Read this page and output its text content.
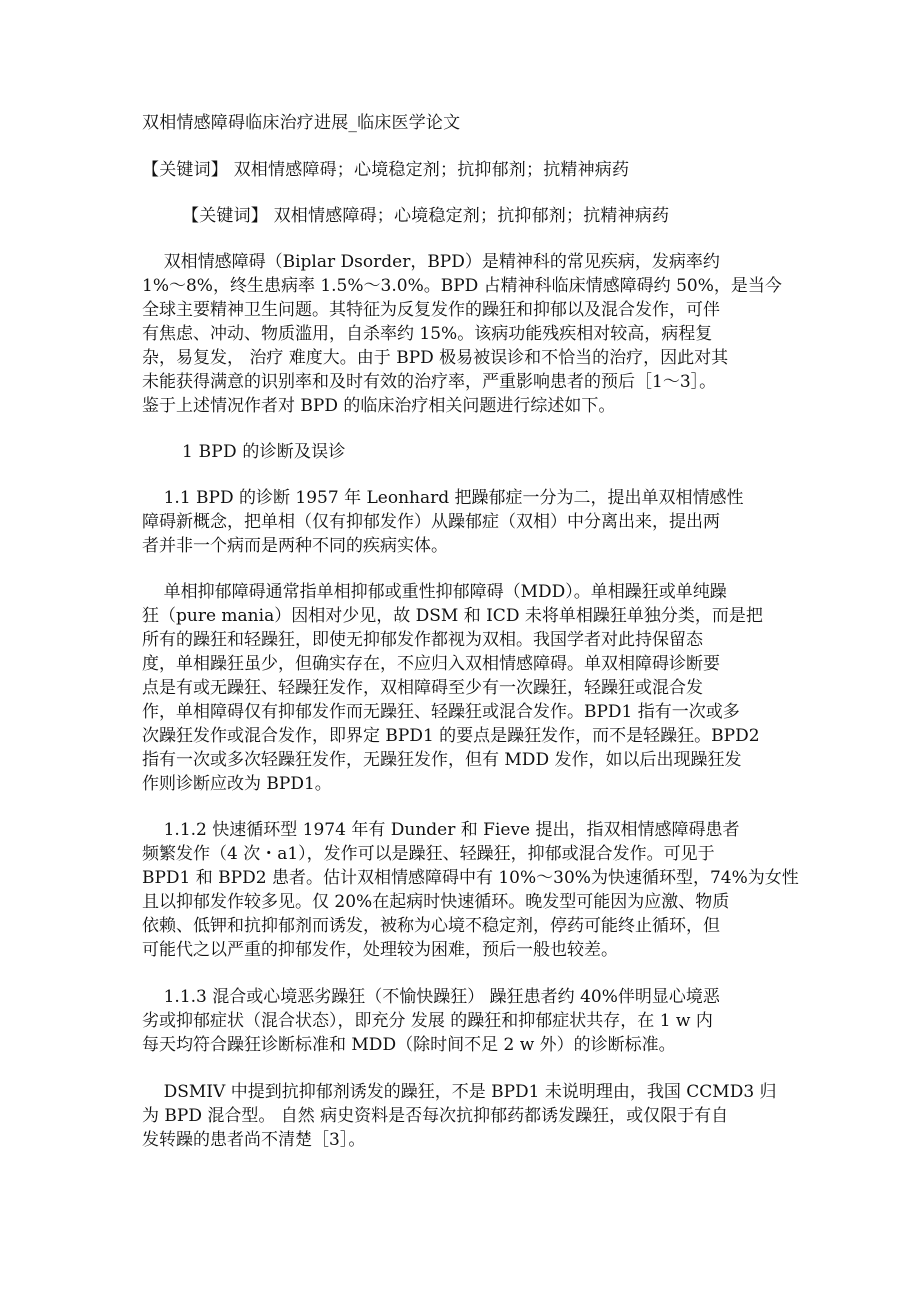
双相情感障碍临床治疗进展_临床医学论文

【关键词】 双相情感障碍；心境稳定剂；抗抑郁剂；抗精神病药

【关键词】 双相情感障碍；心境稳定剂；抗抑郁剂；抗精神病药

双相情感障碍（Biplar Dsorder，BPD）是精神科的常见疾病，发病率约
1%～8%，终生患病率 1.5%～3.0%。BPD 占精神科临床情感障碍约 50%，是当今
全球主要精神卫生问题。其特征为反复发作的躁狂和抑郁以及混合发作，可伴
有焦虑、冲动、物质滥用，自杀率约 15%。该病功能残疾相对较高，病程复
杂，易复发， 治疗 难度大。由于 BPD 极易被误诊和不恰当的治疗，因此对其
未能获得满意的识别率和及时有效的治疗率，严重影响患者的预后［1～3］。
鉴于上述情况作者对 BPD 的临床治疗相关问题进行综述如下。

1 BPD 的诊断及误诊

1.1 BPD 的诊断 1957 年 Leonhard 把躁郁症一分为二，提出单双相情感性
障碍新概念，把单相（仅有抑郁发作）从躁郁症（双相）中分离出来，提出两
者并非一个病而是两种不同的疾病实体。
单相抑郁障碍通常指单相抑郁或重性抑郁障碍（MDD）。单相躁狂或单纯躁
狂（pure mania）因相对少见，故 DSM 和 ICD 未将单相躁狂单独分类，而是把
所有的躁狂和轻躁狂，即使无抑郁发作都视为双相。我国学者对此持保留态
度，单相躁狂虽少，但确实存在，不应归入双相情感障碍。单双相障碍诊断要
点是有或无躁狂、轻躁狂发作，双相障碍至少有一次躁狂，轻躁狂或混合发
作，单相障碍仅有抑郁发作而无躁狂、轻躁狂或混合发作。BPD1 指有一次或多
次躁狂发作或混合发作，即界定 BPD1 的要点是躁狂发作，而不是轻躁狂。BPD2
指有一次或多次轻躁狂发作，无躁狂发作，但有 MDD 发作，如以后出现躁狂发
作则诊断应改为 BPD1。
1.1.2 快速循环型 1974 年有 Dunder 和 Fieve 提出，指双相情感障碍患者
频繁发作（4 次・a1），发作可以是躁狂、轻躁狂，抑郁或混合发作。可见于
BPD1 和 BPD2 患者。估计双相情感障碍中有 10%～30%为快速循环型，74%为女性
且以抑郁发作较多见。仅 20%在起病时快速循环。晚发型可能因为应激、物质
依赖、低钾和抗抑郁剂而诱发，被称为心境不稳定剂，停药可能终止循环，但
可能代之以严重的抑郁发作，处理较为困难，预后一般也较差。
1.1.3 混合或心境恶劣躁狂（不愉快躁狂） 躁狂患者约 40%伴明显心境恶
劣或抑郁症状（混合状态），即充分 发展 的躁狂和抑郁症状共存，在 1 w 内
每天均符合躁狂诊断标准和 MDD（除时间不足 2 w 外）的诊断标准。
DSMIV 中提到抗抑郁剂诱发的躁狂，不是 BPD1 未说明理由，我国 CCMD3 归
为 BPD 混合型。 自然 病史资料是否每次抗抑郁药都诱发躁狂，或仅限于有自
发转躁的患者尚不清楚［3］。
